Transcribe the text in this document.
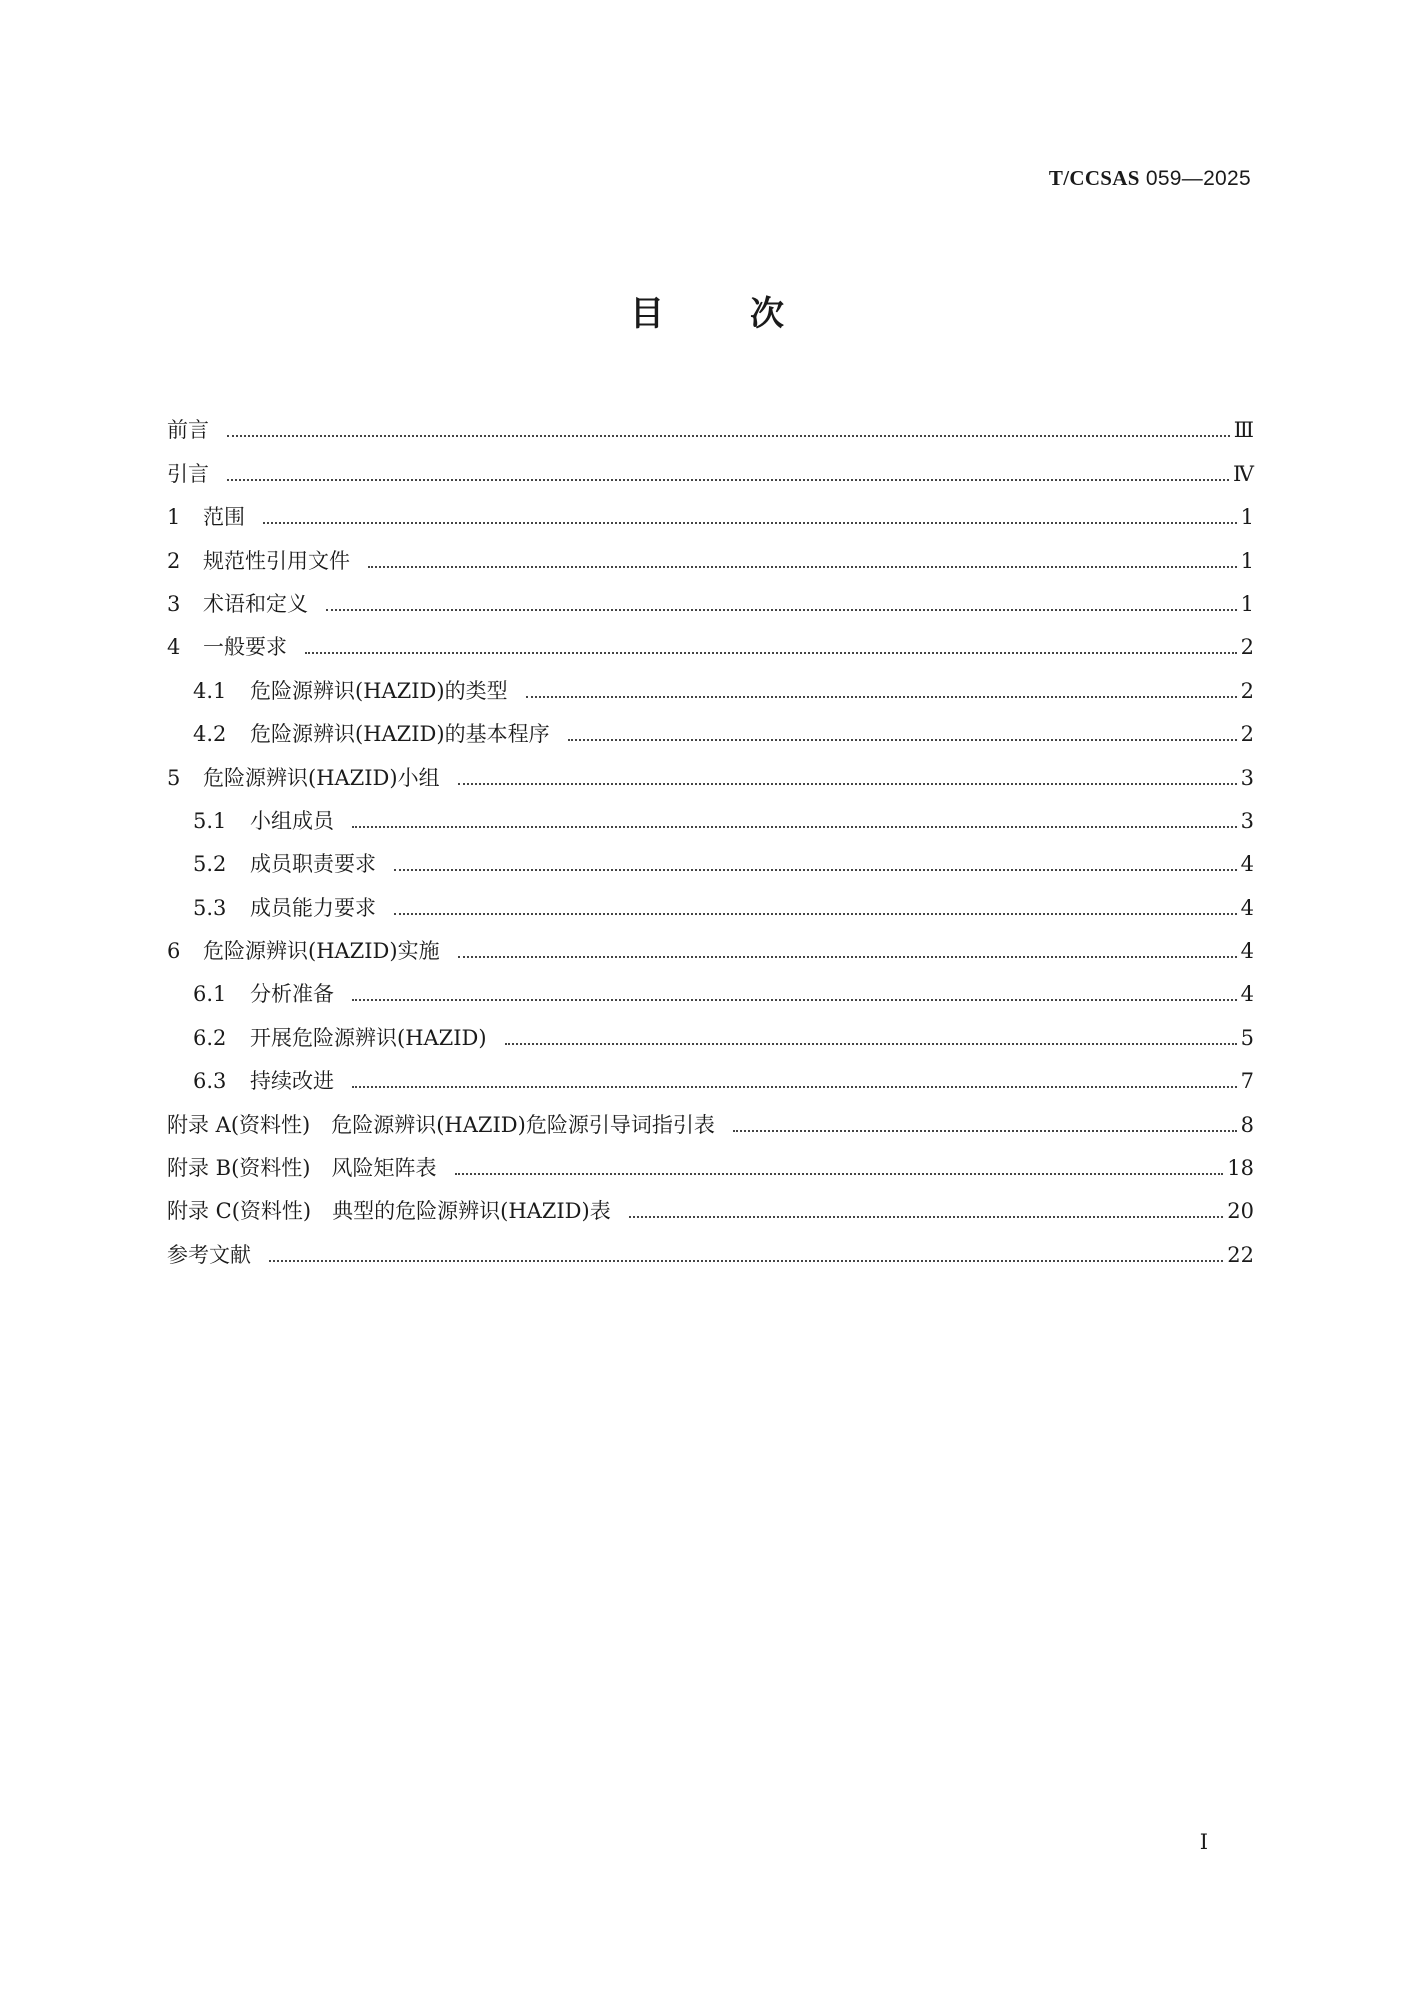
T/CCSAS 059—2025
目	次
前言	Ⅲ
引言	Ⅳ
1 范围	1
2 规范性引用文件	1
3 术语和定义	1
4 一般要求	2
4.1 危险源辨识(HAZID)的类型	2
4.2 危险源辨识(HAZID)的基本程序	2
5 危险源辨识(HAZID)小组	3
5.1 小组成员	3
5.2 成员职责要求	4
5.3 成员能力要求	4
6 危险源辨识(HAZID)实施	4
6.1 分析准备	4
6.2 开展危险源辨识(HAZID)	5
6.3 持续改进	7
附录 A(资料性)　危险源辨识(HAZID)危险源引导词指引表	8
附录 B(资料性)　风险矩阵表	18
附录 C(资料性)　典型的危险源辨识(HAZID)表	20
参考文献	22
I
